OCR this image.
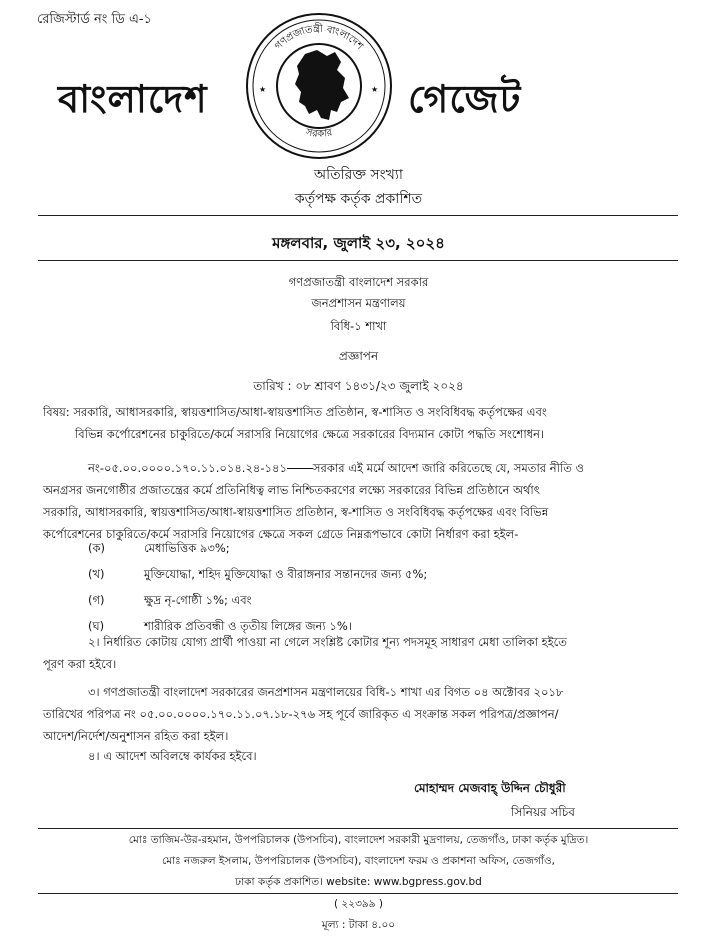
রেজিস্টার্ড নং ডি এ-১
বাংলাদেশ	গেজেট
গণপ্রজাতন্ত্রী বাংলাদেশ
সরকার
★	★
অতিরিক্ত সংখ্যা
কর্তৃপক্ষ কর্তৃক প্রকাশিত
মঙ্গলবার, জুলাই ২৩, ২০২৪
গণপ্রজাতন্ত্রী বাংলাদেশ সরকার
জনপ্রশাসন মন্ত্রণালয়
বিধি-১ শাখা
প্রজ্ঞাপন
তারিখ : ০৮ শ্রাবণ ১৪৩১/২৩ জুলাই ২০২৪
বিষয়: সরকারি, আধাসরকারি, স্বায়ত্তশাসিত/আধা-স্বায়ত্তশাসিত প্রতিষ্ঠান, স্ব-শাসিত ও সংবিধিবদ্ধ কর্তৃপক্ষের এবং
বিভিন্ন কর্পোরেশনের চাকুরিতে/কর্মে সরাসরি নিয়োগের ক্ষেত্রে সরকারের বিদ্যমান কোটা পদ্ধতি সংশোধন।
নং-০৫.০০.০০০০.১৭০.১১.০১৪.২৪-১৪১ সরকার এই মর্মে আদেশ জারি করিতেছে যে, সমতার নীতি ও
অনগ্রসর জনগোষ্ঠীর প্রজাতন্ত্রের কর্মে প্রতিনিধিত্ব লাভ নিশ্চিতকরণের লক্ষ্যে সরকারের বিভিন্ন প্রতিষ্ঠানে অর্থাৎ
সরকারি, আধাসরকারি, স্বায়ত্তশাসিত/আধা-স্বায়ত্তশাসিত প্রতিষ্ঠান, স্ব-শাসিত ও সংবিধিবদ্ধ কর্তৃপক্ষের এবং বিভিন্ন
কর্পোরেশনের চাকুরিতে/কর্মে সরাসরি নিয়োগের ক্ষেত্রে সকল গ্রেডে নিম্নরূপভাবে কোটা নির্ধারণ করা হইল-
(ক)	মেধাভিত্তিক ৯৩%;
(খ)	মুক্তিযোদ্ধা, শহিদ মুক্তিযোদ্ধা ও বীরাঙ্গনার সন্তানদের জন্য ৫%;
(গ)	ক্ষুদ্র নৃ-গোষ্ঠী ১%; এবং
(ঘ)	শারীরিক প্রতিবন্ধী ও তৃতীয় লিঙ্গের জন্য ১%।
২। নির্ধারিত কোটায় যোগ্য প্রার্থী পাওয়া না গেলে সংশ্লিষ্ট কোটার শূন্য পদসমূহ সাধারণ মেধা তালিকা হইতে
পূরণ করা হইবে।
৩। গণপ্রজাতন্ত্রী বাংলাদেশ সরকারের জনপ্রশাসন মন্ত্রণালয়ের বিধি-১ শাখা এর বিগত ০৪ অক্টোবর ২০১৮
তারিখের পরিপত্র নং ০৫.০০.০০০০.১৭০.১১.০৭.১৮-২৭৬ সহ পূর্বে জারিকৃত এ সংক্রান্ত সকল পরিপত্র/প্রজ্ঞাপন/
আদেশ/নির্দেশ/অনুশাসন রহিত করা হইল।
৪। এ আদেশ অবিলম্বে কার্যকর হইবে।
মোহাম্মদ মেজবাহ্‌ উদ্দিন চৌধুরী
সিনিয়র সচিব
মোঃ তাজিম-উর-রহমান, উপপরিচালক (উপসচিব), বাংলাদেশ সরকারী মুদ্রণালয়, তেজগাঁও, ঢাকা কর্তৃক মুদ্রিত।
মোঃ নজরুল ইসলাম, উপপরিচালক (উপসচিব), বাংলাদেশ ফরম ও প্রকাশনা অফিস, তেজগাঁও,
ঢাকা কর্তৃক প্রকাশিত। website: www.bgpress.gov.bd
( ২২৩৯৯ )
মূল্য : টাকা ৪.০০
